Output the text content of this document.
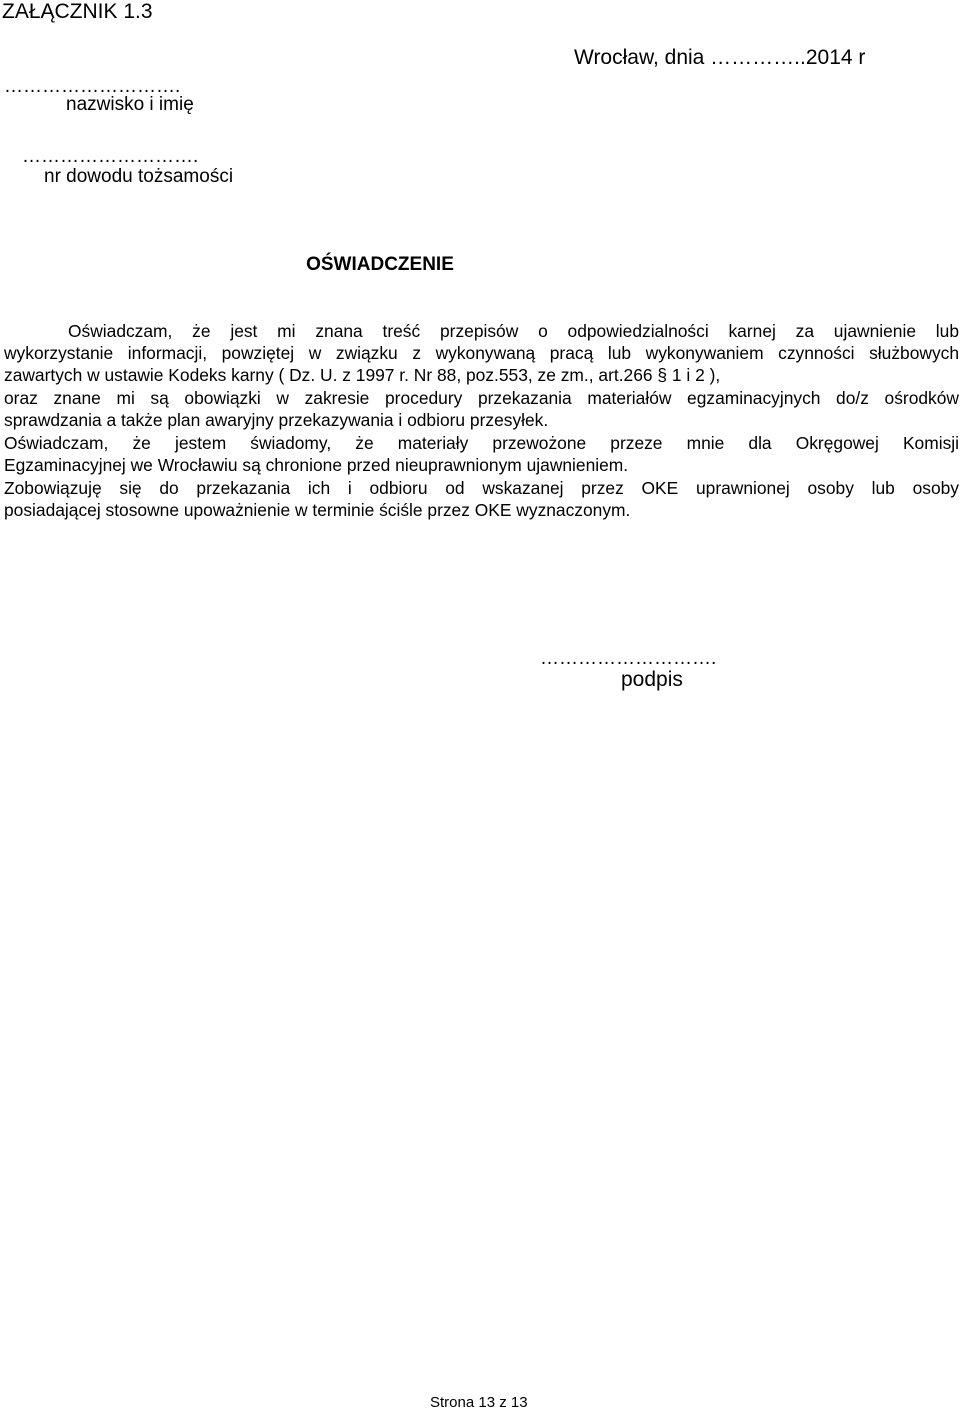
ZAŁĄCZNIK 1.3
Wrocław, dnia …………..2014 r
……………………….
nazwisko i imię
……………………….
nr dowodu tożsamości
OŚWIADCZENIE
Oświadczam, że jest mi znana treść przepisów o odpowiedzialności karnej za ujawnienie lub
wykorzystanie informacji, powziętej w związku z wykonywaną pracą lub wykonywaniem czynności służbowych
zawartych w ustawie Kodeks karny ( Dz. U. z 1997 r. Nr 88, poz.553, ze zm., art.266 § 1 i 2 ),
oraz znane mi są obowiązki w zakresie procedury przekazania materiałów egzaminacyjnych do/z ośrodków
sprawdzania a także plan awaryjny przekazywania i odbioru przesyłek.
Oświadczam, że jestem świadomy, że materiały przewożone przeze mnie dla Okręgowej Komisji
Egzaminacyjnej we Wrocławiu są chronione przed nieuprawnionym ujawnieniem.
Zobowiązuję się do przekazania ich i odbioru od wskazanej przez OKE uprawnionej osoby lub osoby
posiadającej stosowne upoważnienie w terminie ściśle przez OKE wyznaczonym.
……………………….
podpis
Strona 13 z 13
